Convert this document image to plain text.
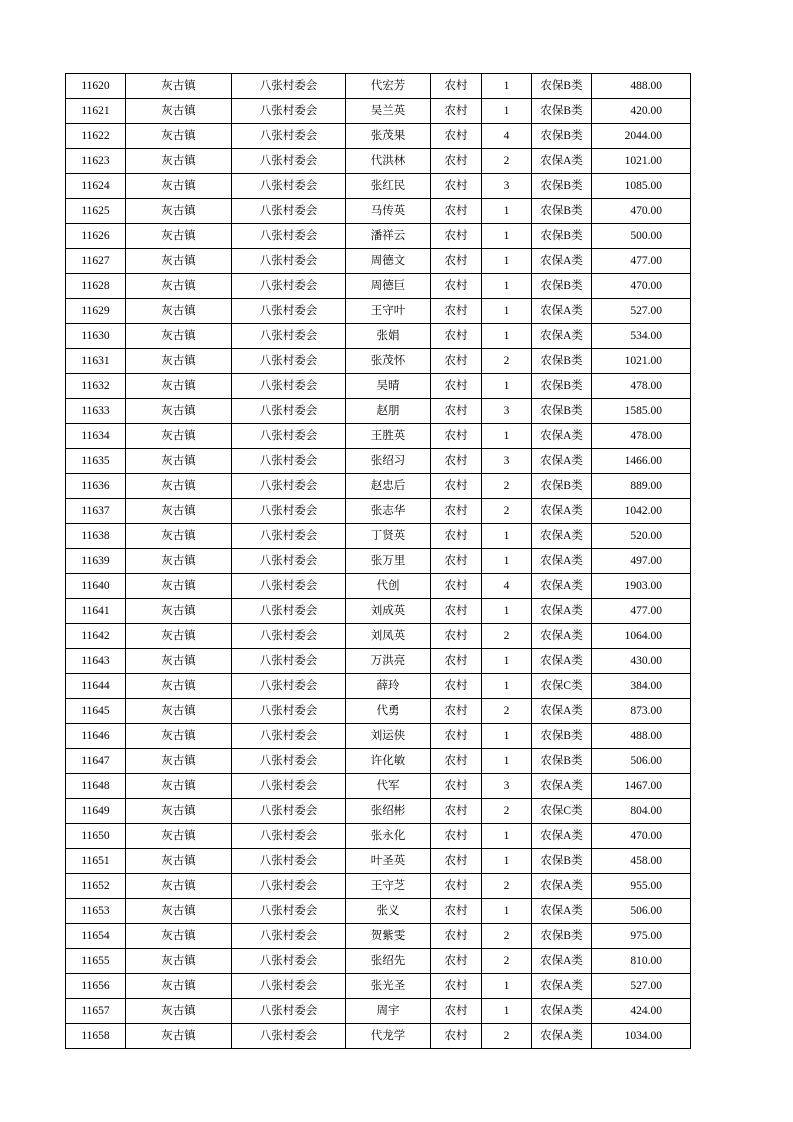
11620	灰古镇	八张村委会	代宏芳	农村	1	农保B类	488.00
11621	灰古镇	八张村委会	吴兰英	农村	1	农保B类	420.00
11622	灰古镇	八张村委会	张茂果	农村	4	农保B类	2044.00
11623	灰古镇	八张村委会	代洪林	农村	2	农保A类	1021.00
11624	灰古镇	八张村委会	张红民	农村	3	农保B类	1085.00
11625	灰古镇	八张村委会	马传英	农村	1	农保B类	470.00
11626	灰古镇	八张村委会	潘祥云	农村	1	农保B类	500.00
11627	灰古镇	八张村委会	周德文	农村	1	农保A类	477.00
11628	灰古镇	八张村委会	周德巨	农村	1	农保B类	470.00
11629	灰古镇	八张村委会	王守叶	农村	1	农保A类	527.00
11630	灰古镇	八张村委会	张娟	农村	1	农保A类	534.00
11631	灰古镇	八张村委会	张茂怀	农村	2	农保B类	1021.00
11632	灰古镇	八张村委会	吴晴	农村	1	农保B类	478.00
11633	灰古镇	八张村委会	赵朋	农村	3	农保B类	1585.00
11634	灰古镇	八张村委会	王胜英	农村	1	农保A类	478.00
11635	灰古镇	八张村委会	张绍习	农村	3	农保A类	1466.00
11636	灰古镇	八张村委会	赵忠后	农村	2	农保B类	889.00
11637	灰古镇	八张村委会	张志华	农村	2	农保A类	1042.00
11638	灰古镇	八张村委会	丁贤英	农村	1	农保A类	520.00
11639	灰古镇	八张村委会	张万里	农村	1	农保A类	497.00
11640	灰古镇	八张村委会	代创	农村	4	农保A类	1903.00
11641	灰古镇	八张村委会	刘成英	农村	1	农保A类	477.00
11642	灰古镇	八张村委会	刘凤英	农村	2	农保A类	1064.00
11643	灰古镇	八张村委会	万洪亮	农村	1	农保A类	430.00
11644	灰古镇	八张村委会	薛玲	农村	1	农保C类	384.00
11645	灰古镇	八张村委会	代勇	农村	2	农保A类	873.00
11646	灰古镇	八张村委会	刘运侠	农村	1	农保B类	488.00
11647	灰古镇	八张村委会	许化敏	农村	1	农保B类	506.00
11648	灰古镇	八张村委会	代军	农村	3	农保A类	1467.00
11649	灰古镇	八张村委会	张绍彬	农村	2	农保C类	804.00
11650	灰古镇	八张村委会	张永化	农村	1	农保A类	470.00
11651	灰古镇	八张村委会	叶圣英	农村	1	农保B类	458.00
11652	灰古镇	八张村委会	王守芝	农村	2	农保A类	955.00
11653	灰古镇	八张村委会	张义	农村	1	农保A类	506.00
11654	灰古镇	八张村委会	贺紫雯	农村	2	农保B类	975.00
11655	灰古镇	八张村委会	张绍先	农村	2	农保A类	810.00
11656	灰古镇	八张村委会	张光圣	农村	1	农保A类	527.00
11657	灰古镇	八张村委会	周宇	农村	1	农保A类	424.00
11658	灰古镇	八张村委会	代龙学	农村	2	农保A类	1034.00
